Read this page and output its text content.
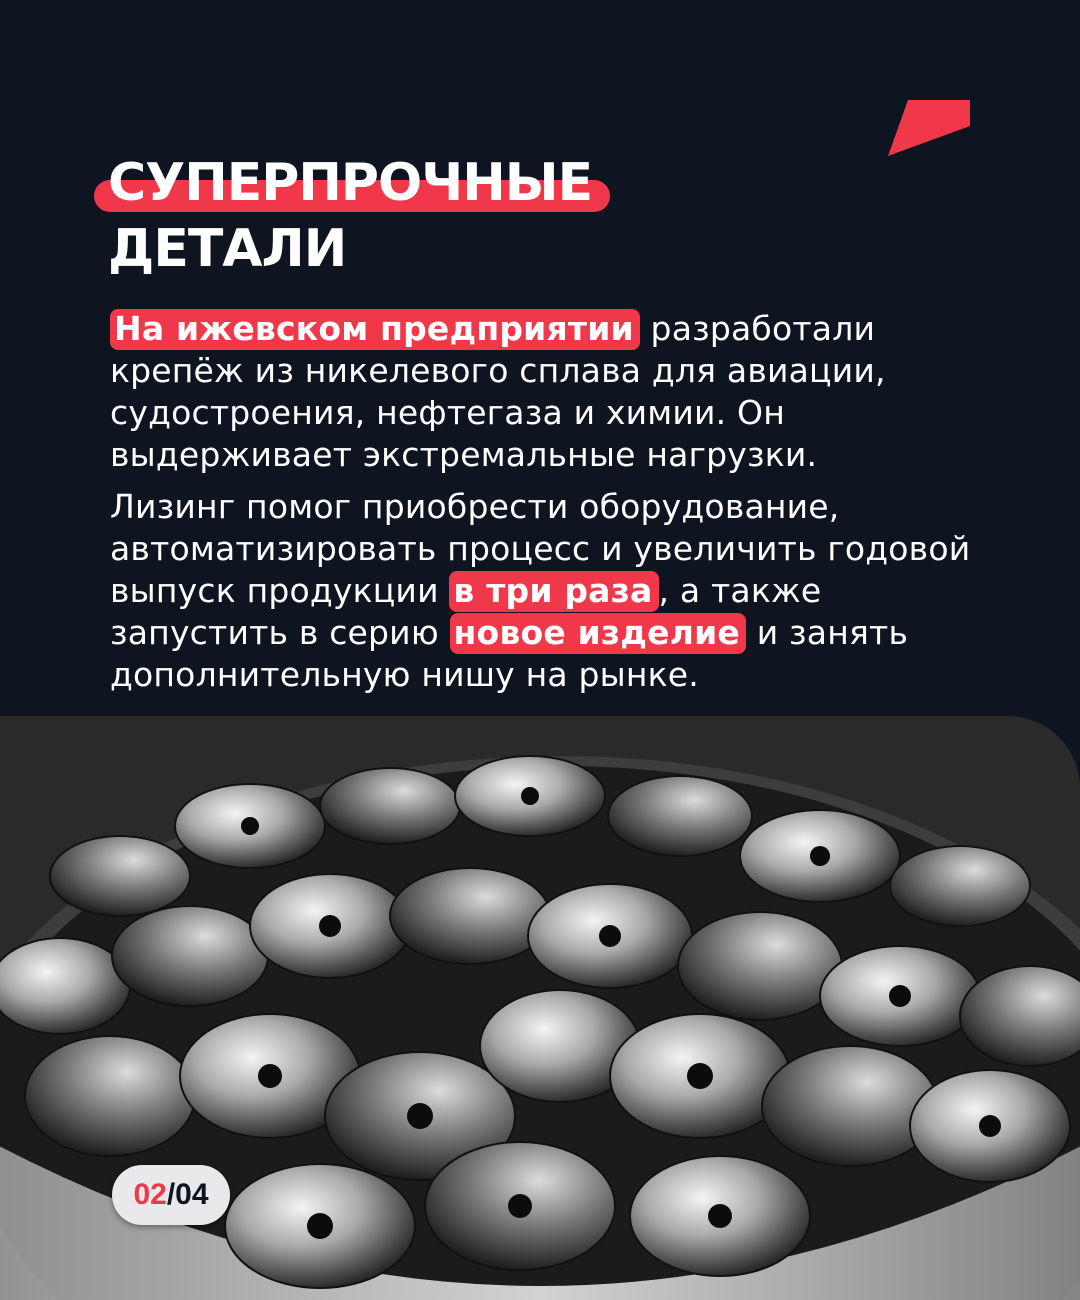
СУПЕРПРОЧНЫЕ
ДЕТАЛИ

На ижевском предприятии разработали крепёж из никелевого сплава для авиации, судостроения, нефтегаза и химии. Он выдерживает экстремальные нагрузки.

Лизинг помог приобрести оборудование, автоматизировать процесс и увеличить годовой выпуск продукции в три раза , а также запустить в серию новое изделие и занять дополнительную нишу на рынке.

02 / 04
